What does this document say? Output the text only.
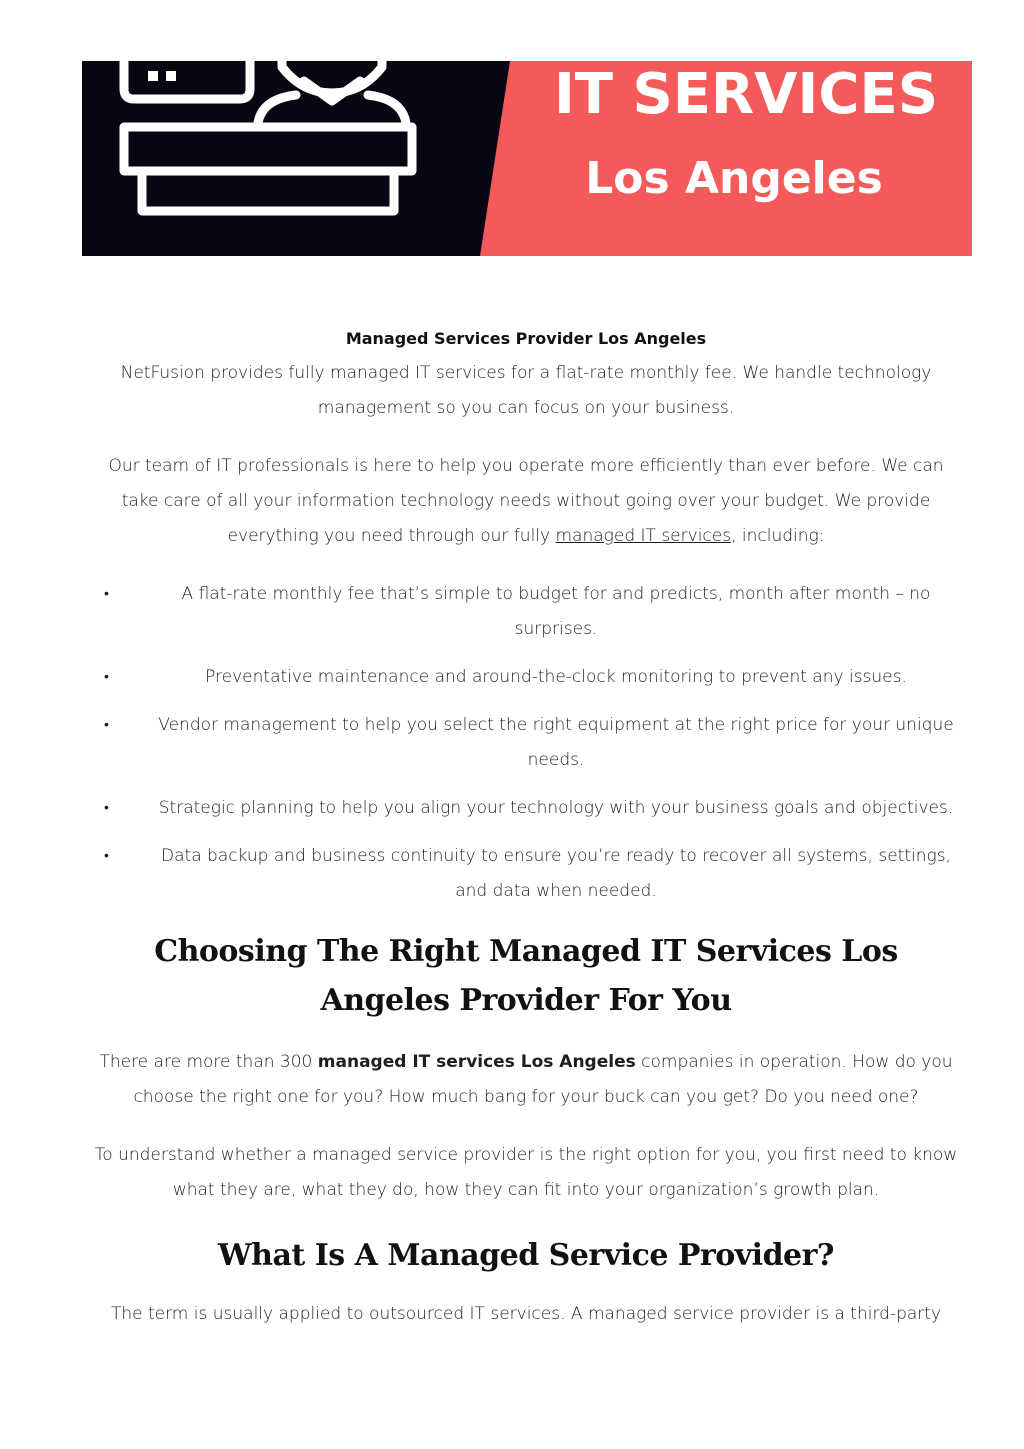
IT SERVICES
Los Angeles
Managed Services Provider Los Angeles

NetFusion provides fully managed IT services for a flat-rate monthly fee. We handle technology management so you can focus on your business.

Our team of IT professionals is here to help you operate more efficiently than ever before. We can take care of all your information technology needs without going over your budget. We provide everything you need through our fully managed IT services, including:

•	A flat-rate monthly fee that’s simple to budget for and predicts, month after month – no surprises.
•	Preventative maintenance and around-the-clock monitoring to prevent any issues.
•	Vendor management to help you select the right equipment at the right price for your unique needs.
•	Strategic planning to help you align your technology with your business goals and objectives.
•	Data backup and business continuity to ensure you’re ready to recover all systems, settings, and data when needed.
Choosing The Right Managed IT Services Los Angeles Provider For You

There are more than 300 managed IT services Los Angeles companies in operation. How do you choose the right one for you? How much bang for your buck can you get? Do you need one?

To understand whether a managed service provider is the right option for you, you first need to know what they are, what they do, how they can fit into your organization’s growth plan.

What Is A Managed Service Provider?

The term is usually applied to outsourced IT services. A managed service provider is a third-party
